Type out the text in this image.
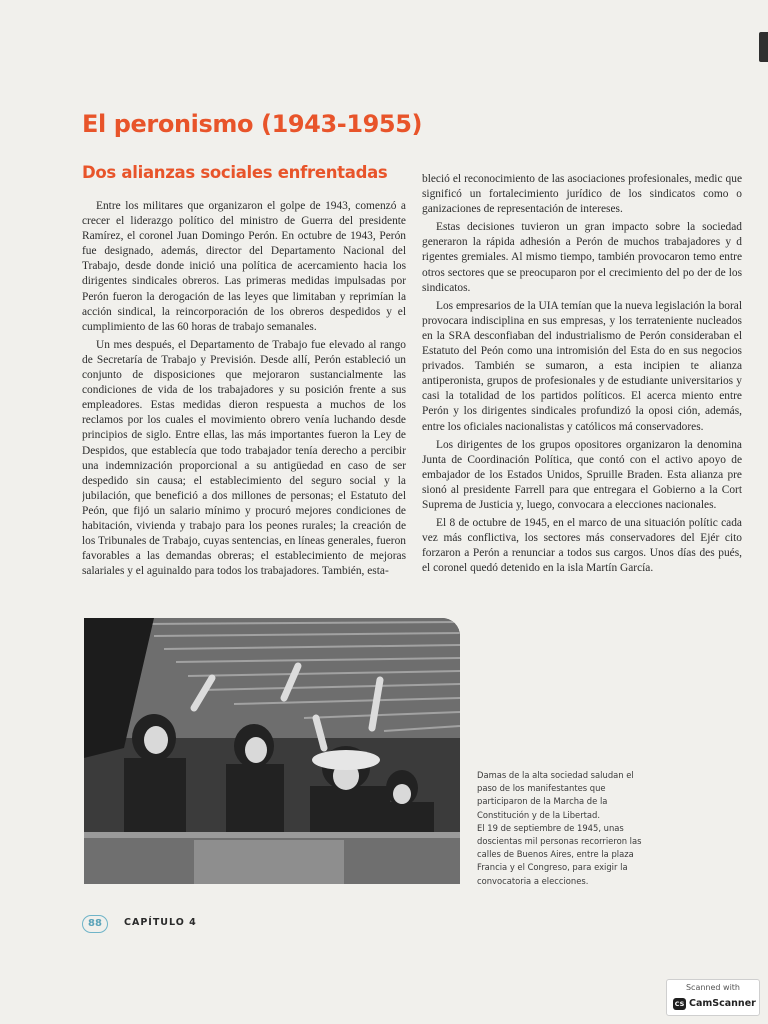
El peronismo (1943-1955)
Dos alianzas sociales enfrentadas

Entre los militares que organizaron el golpe de 1943, comenzó a crecer el liderazgo político del ministro de Guerra del presidente Ramírez, el coronel Juan Domingo Perón. En octubre de 1943, Perón fue designado, además, director del Departamento Nacional del Trabajo, desde donde inició una política de acercamiento hacia los dirigentes sindicales obreros. Las primeras medidas impulsadas por Perón fueron la derogación de las leyes que limitaban y reprimían la acción sindical, la reincorporación de los obreros despedidos y el cumplimiento de las 60 horas de trabajo semanales.

Un mes después, el Departamento de Trabajo fue elevado al rango de Secretaría de Trabajo y Previsión. Desde allí, Perón estableció un conjunto de disposiciones que mejoraron sustancialmente las condiciones de vida de los trabajadores y su posición frente a sus empleadores. Estas medidas dieron respuesta a muchos de los reclamos por los cuales el movimiento obrero venía luchando desde principios de siglo. Entre ellas, las más importantes fueron la Ley de Despidos, que establecía que todo trabajador tenía derecho a percibir una indemnización proporcional a su antigüedad en caso de ser despedido sin causa; el establecimiento del seguro social y la jubilación, que benefició a dos millones de personas; el Estatuto del Peón, que fijó un salario mínimo y procuró mejores condiciones de habitación, vivienda y trabajo para los peones rurales; la creación de los Tribunales de Trabajo, cuyas sentencias, en líneas generales, fueron favorables a las demandas obreras; el establecimiento de mejoras salariales y el aguinaldo para todos los trabajadores. También, esta-

bleció el reconocimiento de las asociaciones profesionales, medic que significó un fortalecimiento jurídico de los sindicatos como o ganizaciones de representación de intereses.

Estas decisiones tuvieron un gran impacto sobre la sociedad generaron la rápida adhesión a Perón de muchos trabajadores y d rigentes gremiales. Al mismo tiempo, también provocaron temo entre otros sectores que se preocuparon por el crecimiento del po der de los sindicatos.

Los empresarios de la UIA temían que la nueva legislación la boral provocara indisciplina en sus empresas, y los terrateniente nucleados en la SRA desconfiaban del industrialismo de Perón consideraban el Estatuto del Peón como una intromisión del Esta do en sus negocios privados. También se sumaron, a esta incipien te alianza antiperonista, grupos de profesionales y de estudiante universitarios y casi la totalidad de los partidos políticos. El acerca miento entre Perón y los dirigentes sindicales profundizó la oposi ción, además, entre los oficiales nacionalistas y católicos má conservadores.

Los dirigentes de los grupos opositores organizaron la denomina Junta de Coordinación Política, que contó con el activo apoyo de embajador de los Estados Unidos, Spruille Braden. Esta alianza pre sionó al presidente Farrell para que entregara el Gobierno a la Cort Suprema de Justicia y, luego, convocara a elecciones nacionales.

El 8 de octubre de 1945, en el marco de una situación polític cada vez más conflictiva, los sectores más conservadores del Ejér cito forzaron a Perón a renunciar a todos sus cargos. Unos días des pués, el coronel quedó detenido en la isla Martín García.

Damas de la alta sociedad saludan el paso de los manifestantes que participaron de la Marcha de la Constitución y de la Libertad.

El 19 de septiembre de 1945, unas doscientas mil personas recorrieron las calles de Buenos Aires, entre la plaza Francia y el Congreso, para exigir la convocatoria a elecciones.

88	CAPÍTULO 4
Scanned with
CS CamScanner
